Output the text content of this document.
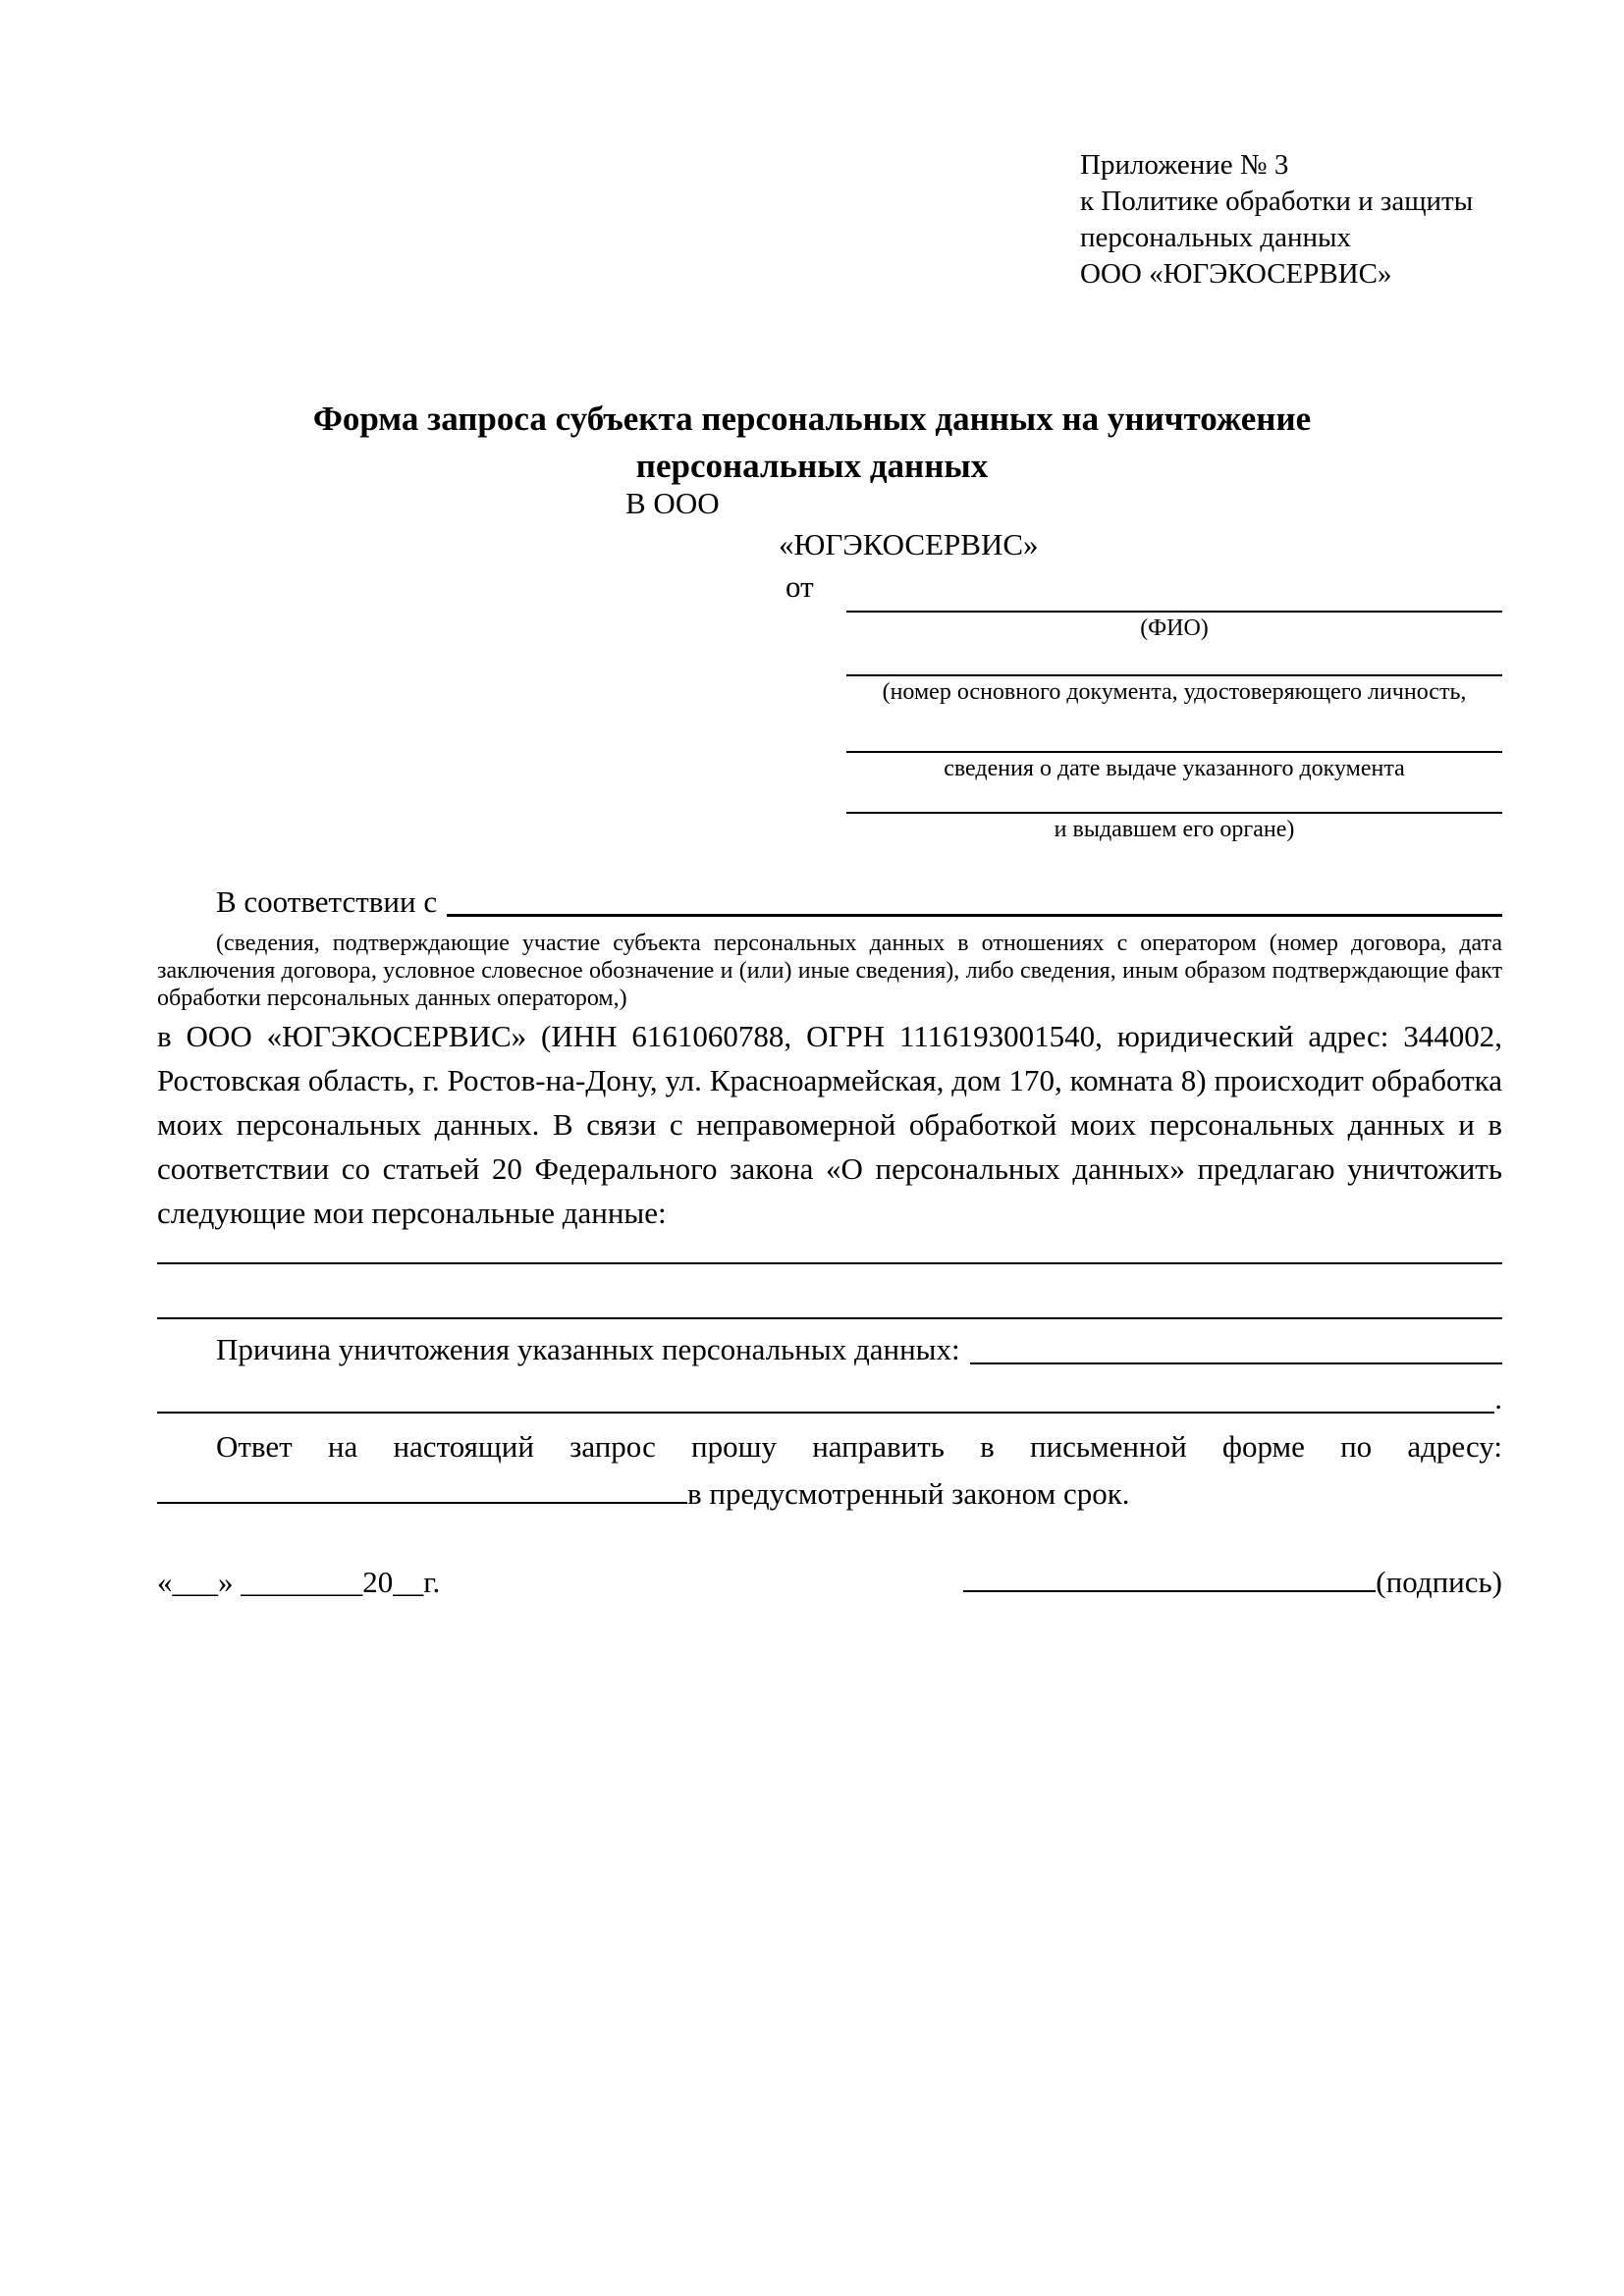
Приложение № 3
к Политике обработки и защиты
персональных данных
ООО «ЮГЭКОСЕРВИС»
Форма запроса субъекта персональных данных на уничтожение
персональных данных
В ООО
«ЮГЭКОСЕРВИС»
от
(ФИО)
(номер основного документа, удостоверяющего личность,
сведения о дате выдаче указанного документа
и выдавшем его органе)
В соответствии с

(сведения, подтверждающие участие субъекта персональных данных в отношениях с оператором (номер договора, дата заключения договора, условное словесное обозначение и (или) иные сведения), либо сведения, иным образом подтверждающие факт обработки персональных данных оператором,)

в ООО «ЮГЭКОСЕРВИС» (ИНН 6161060788, ОГРН 1116193001540, юридический адрес: 344002, Ростовская область, г. Ростов-на-Дону, ул. Красноармейская, дом 170, комната 8) происходит обработка моих персональных данных. В связи с неправомерной обработкой моих персональных данных и в соответствии со статьей 20 Федерального закона «О персональных данных» предлагаю уничтожить следующие мои персональные данные:

Причина уничтожения указанных персональных данных:
.
Ответ на настоящий запрос прошу направить в письменной форме по адресу:
в предусмотренный законом срок.
«___» ________20__г.	(подпись)
